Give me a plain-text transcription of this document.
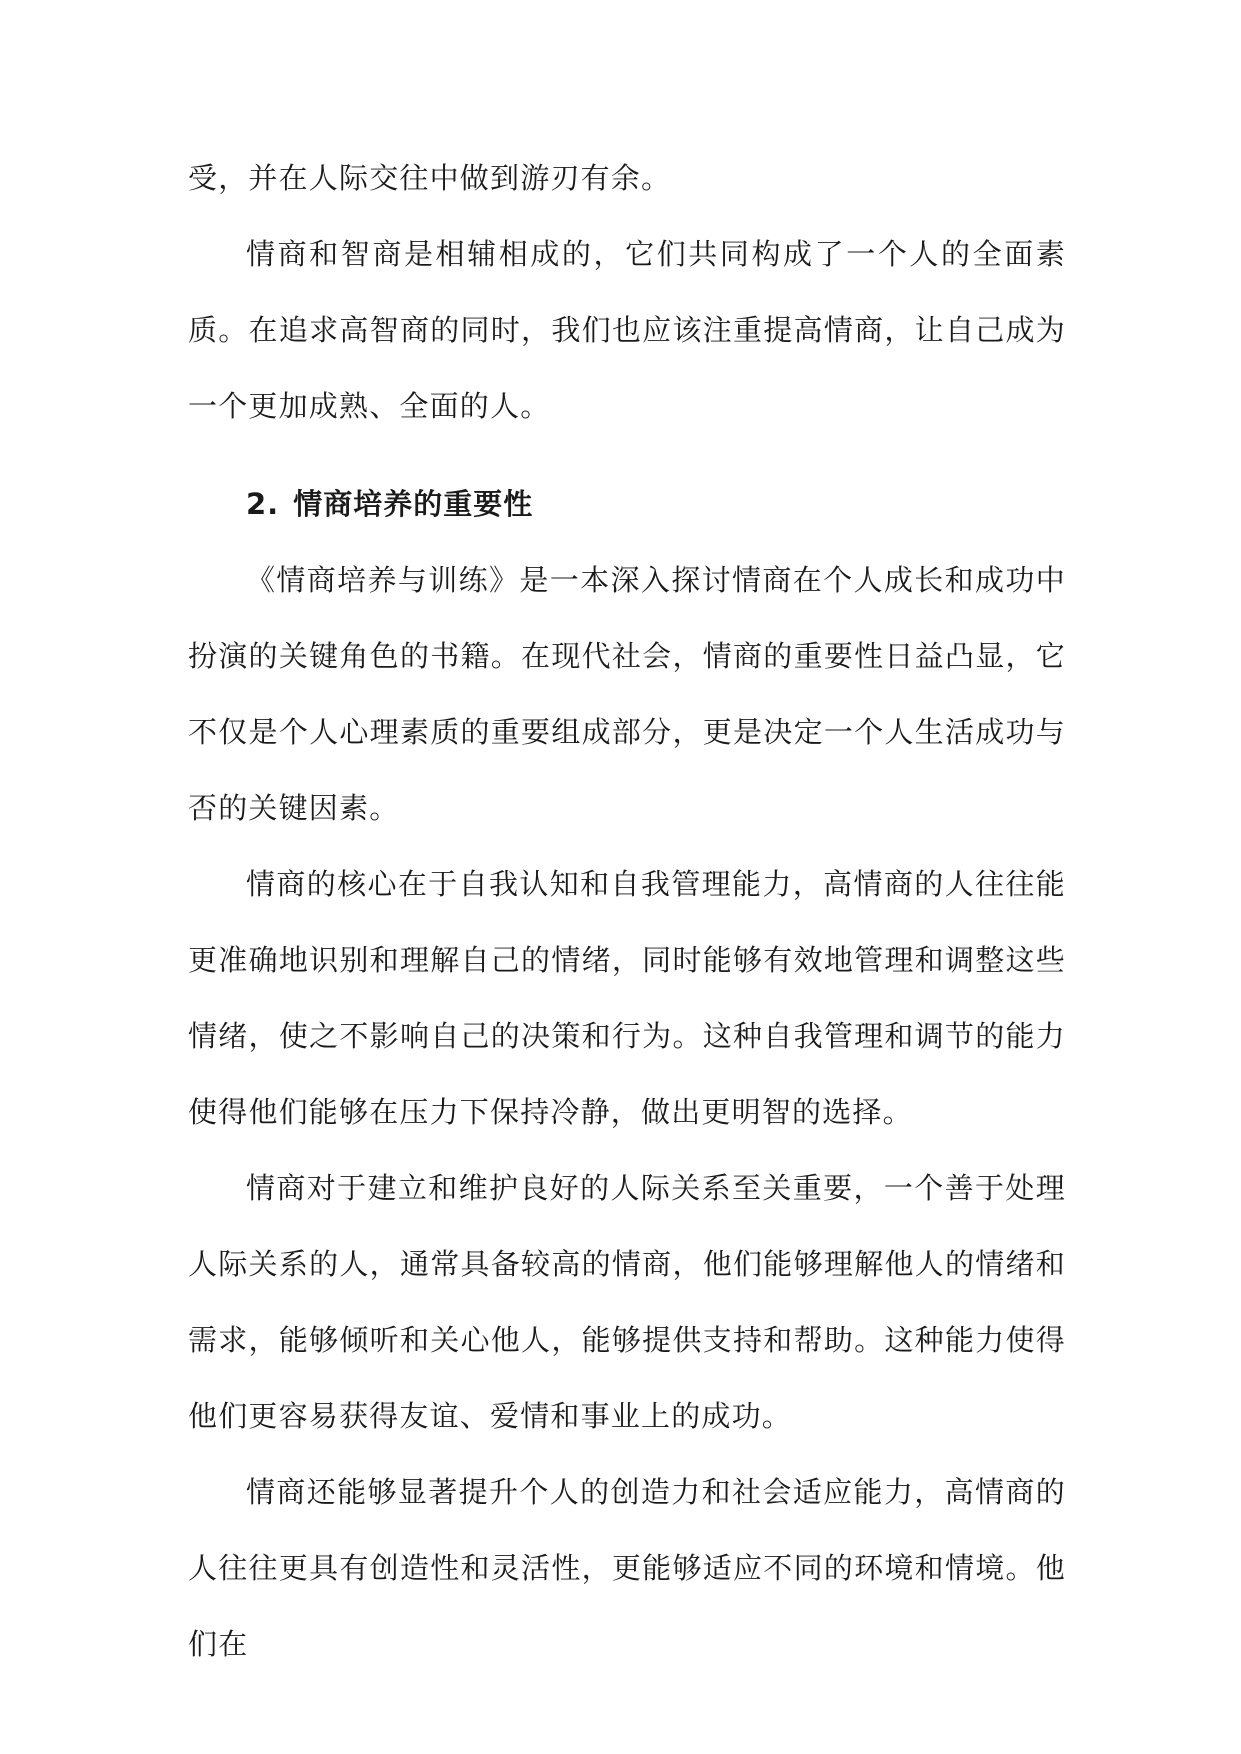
受，并在人际交往中做到游刃有余。

情商和智商是相辅相成的，它们共同构成了一个人的全面素质。在追求高智商的同时，我们也应该注重提高情商，让自己成为一个更加成熟、全面的人。

2. 情商培养的重要性

《情商培养与训练》是一本深入探讨情商在个人成长和成功中扮演的关键角色的书籍。在现代社会，情商的重要性日益凸显，它不仅是个人心理素质的重要组成部分，更是决定一个人生活成功与否的关键因素。

情商的核心在于自我认知和自我管理能力，高情商的人往往能更准确地识别和理解自己的情绪，同时能够有效地管理和调整这些情绪，使之不影响自己的决策和行为。这种自我管理和调节的能力使得他们能够在压力下保持冷静，做出更明智的选择。

情商对于建立和维护良好的人际关系至关重要，一个善于处理人际关系的人，通常具备较高的情商，他们能够理解他人的情绪和需求，能够倾听和关心他人，能够提供支持和帮助。这种能力使得他们更容易获得友谊、爱情和事业上的成功。

情商还能够显著提升个人的创造力和社会适应能力，高情商的人往往更具有创造性和灵活性，更能够适应不同的环境和情境。他们在
